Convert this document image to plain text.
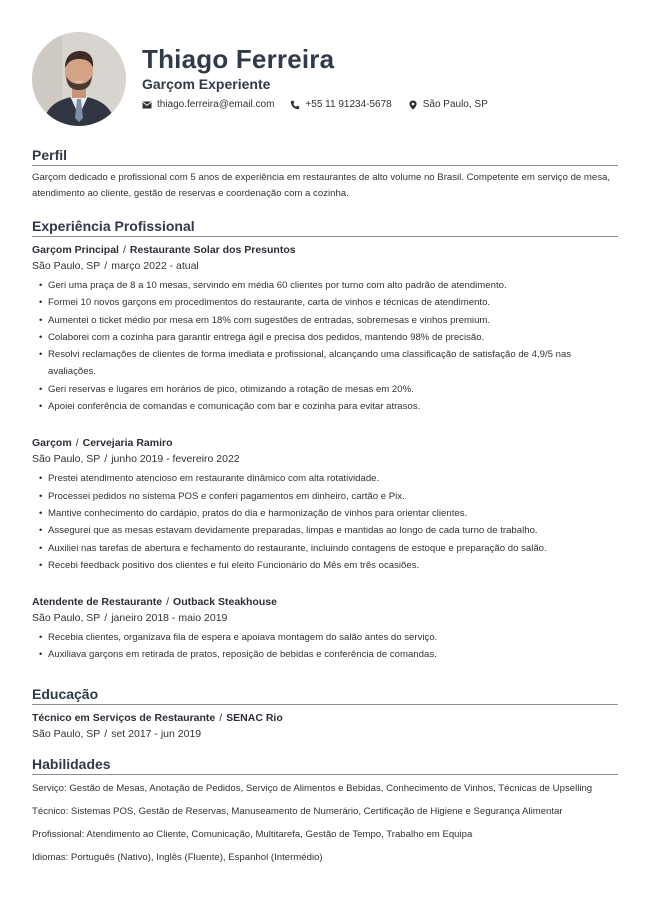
Thiago Ferreira
Garçom Experiente
thiago.ferreira@email.com	+55 11 91234-5678	São Paulo, SP
Perfil

Garçom dedicado e profissional com 5 anos de experiência em restaurantes de alto volume no Brasil. Competente em serviço de mesa, atendimento ao cliente, gestão de reservas e coordenação com a cozinha.

Experiência Profissional

Garçom Principal / Restaurante Solar dos Presuntos

São Paulo, SP / março 2022 - atual

• Geri uma praça de 8 a 10 mesas, servindo em média 60 clientes por turno com alto padrão de atendimento.
• Formei 10 novos garçons em procedimentos do restaurante, carta de vinhos e técnicas de atendimento.
• Aumentei o ticket médio por mesa em 18% com sugestões de entradas, sobremesas e vinhos premium.
• Colaborei com a cozinha para garantir entrega ágil e precisa dos pedidos, mantendo 98% de precisão.
• Resolvi reclamações de clientes de forma imediata e profissional, alcançando uma classificação de satisfação de 4,9/5 nas avaliações.
• Geri reservas e lugares em horários de pico, otimizando a rotação de mesas em 20%.
• Apoiei conferência de comandas e comunicação com bar e cozinha para evitar atrasos.

Garçom / Cervejaria Ramiro

São Paulo, SP / junho 2019 - fevereiro 2022

• Prestei atendimento atencioso em restaurante dinâmico com alta rotatividade.
• Processei pedidos no sistema POS e conferi pagamentos em dinheiro, cartão e Pix.
• Mantive conhecimento do cardápio, pratos do dia e harmonização de vinhos para orientar clientes.
• Assegurei que as mesas estavam devidamente preparadas, limpas e mantidas ao longo de cada turno de trabalho.
• Auxiliei nas tarefas de abertura e fechamento do restaurante, incluindo contagens de estoque e preparação do salão.
• Recebi feedback positivo dos clientes e fui eleito Funcionário do Mês em três ocasiões.

Atendente de Restaurante / Outback Steakhouse

São Paulo, SP / janeiro 2018 - maio 2019

• Recebia clientes, organizava fila de espera e apoiava montagem do salão antes do serviço.
• Auxiliava garçons em retirada de pratos, reposição de bebidas e conferência de comandas.
Educação

Técnico em Serviços de Restaurante / SENAC Rio

São Paulo, SP / set 2017 - jun 2019

Habilidades

Serviço: Gestão de Mesas, Anotação de Pedidos, Serviço de Alimentos e Bebidas, Conhecimento de Vinhos, Técnicas de Upselling

Técnico: Sistemas POS, Gestão de Reservas, Manuseamento de Numerário, Certificação de Higiene e Segurança Alimentar

Profissional: Atendimento ao Cliente, Comunicação, Multitarefa, Gestão de Tempo, Trabalho em Equipa

Idiomas: Português (Nativo), Inglês (Fluente), Espanhol (Intermédio)
